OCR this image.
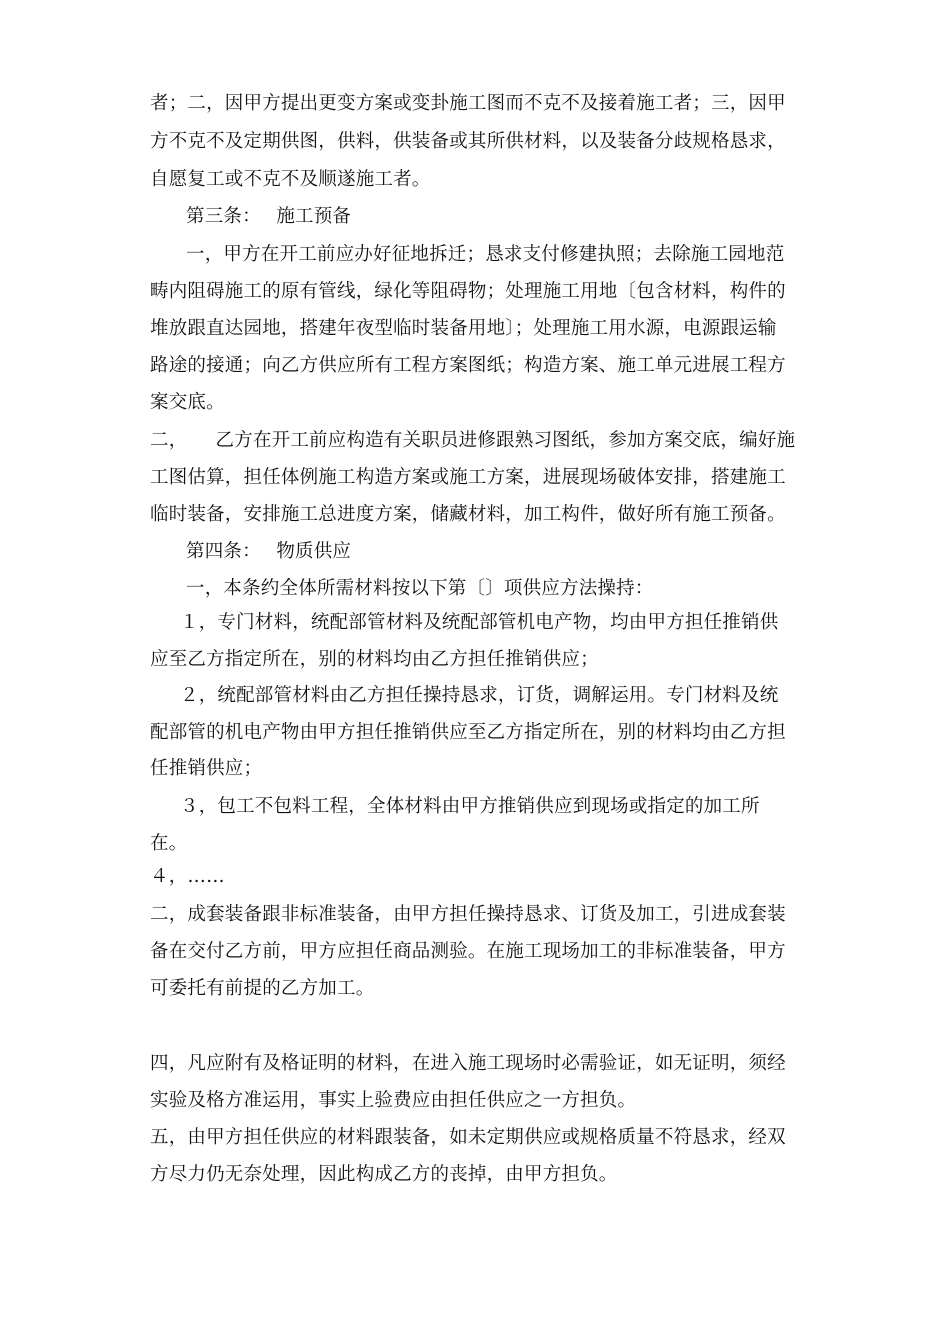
者；二，因甲方提出更变方案或变卦施工图而不克不及接着施工者；三，因甲
方不克不及定期供图，供料，供装备或其所供材料，以及装备分歧规格恳求，
自愿复工或不克不及顺遂施工者。
第三条：　 施工预备
一，甲方在开工前应办好征地拆迁；恳求支付修建执照；去除施工园地范
畴内阻碍施工的原有管线，绿化等阻碍物；处理施工用地〔包含材料，构件的
堆放跟直达园地，搭建年夜型临时装备用地〕；处理施工用水源，电源跟运输
路途的接通；向乙方供应所有工程方案图纸；构造方案、施工单元进展工程方
案交底。
二，　　乙方在开工前应构造有关职员进修跟熟习图纸，参加方案交底，编好施
工图估算，担任体例施工构造方案或施工方案，进展现场破体安排，搭建施工
临时装备，安排施工总进度方案，储藏材料，加工构件，做好所有施工预备。
第四条：　 物质供应
一，本条约全体所需材料按以下第〔〕项供应方法操持：
１，专门材料，统配部管材料及统配部管机电产物，均由甲方担任推销供
应至乙方指定所在，别的材料均由乙方担任推销供应；
２，统配部管材料由乙方担任操持恳求，订货，调解运用。专门材料及统
配部管的机电产物由甲方担任推销供应至乙方指定所在，别的材料均由乙方担
任推销供应；
３，包工不包料工程，全体材料由甲方推销供应到现场或指定的加工所
在。
４，……
二，成套装备跟非标准装备，由甲方担任操持恳求、订货及加工，引进成套装
备在交付乙方前，甲方应担任商品测验。在施工现场加工的非标准装备，甲方
可委托有前提的乙方加工。
四，凡应附有及格证明的材料，在进入施工现场时必需验证，如无证明，须经
实验及格方准运用，事实上验费应由担任供应之一方担负。
五，由甲方担任供应的材料跟装备，如未定期供应或规格质量不符恳求，经双
方尽力仍无奈处理，因此构成乙方的丧掉，由甲方担负。
